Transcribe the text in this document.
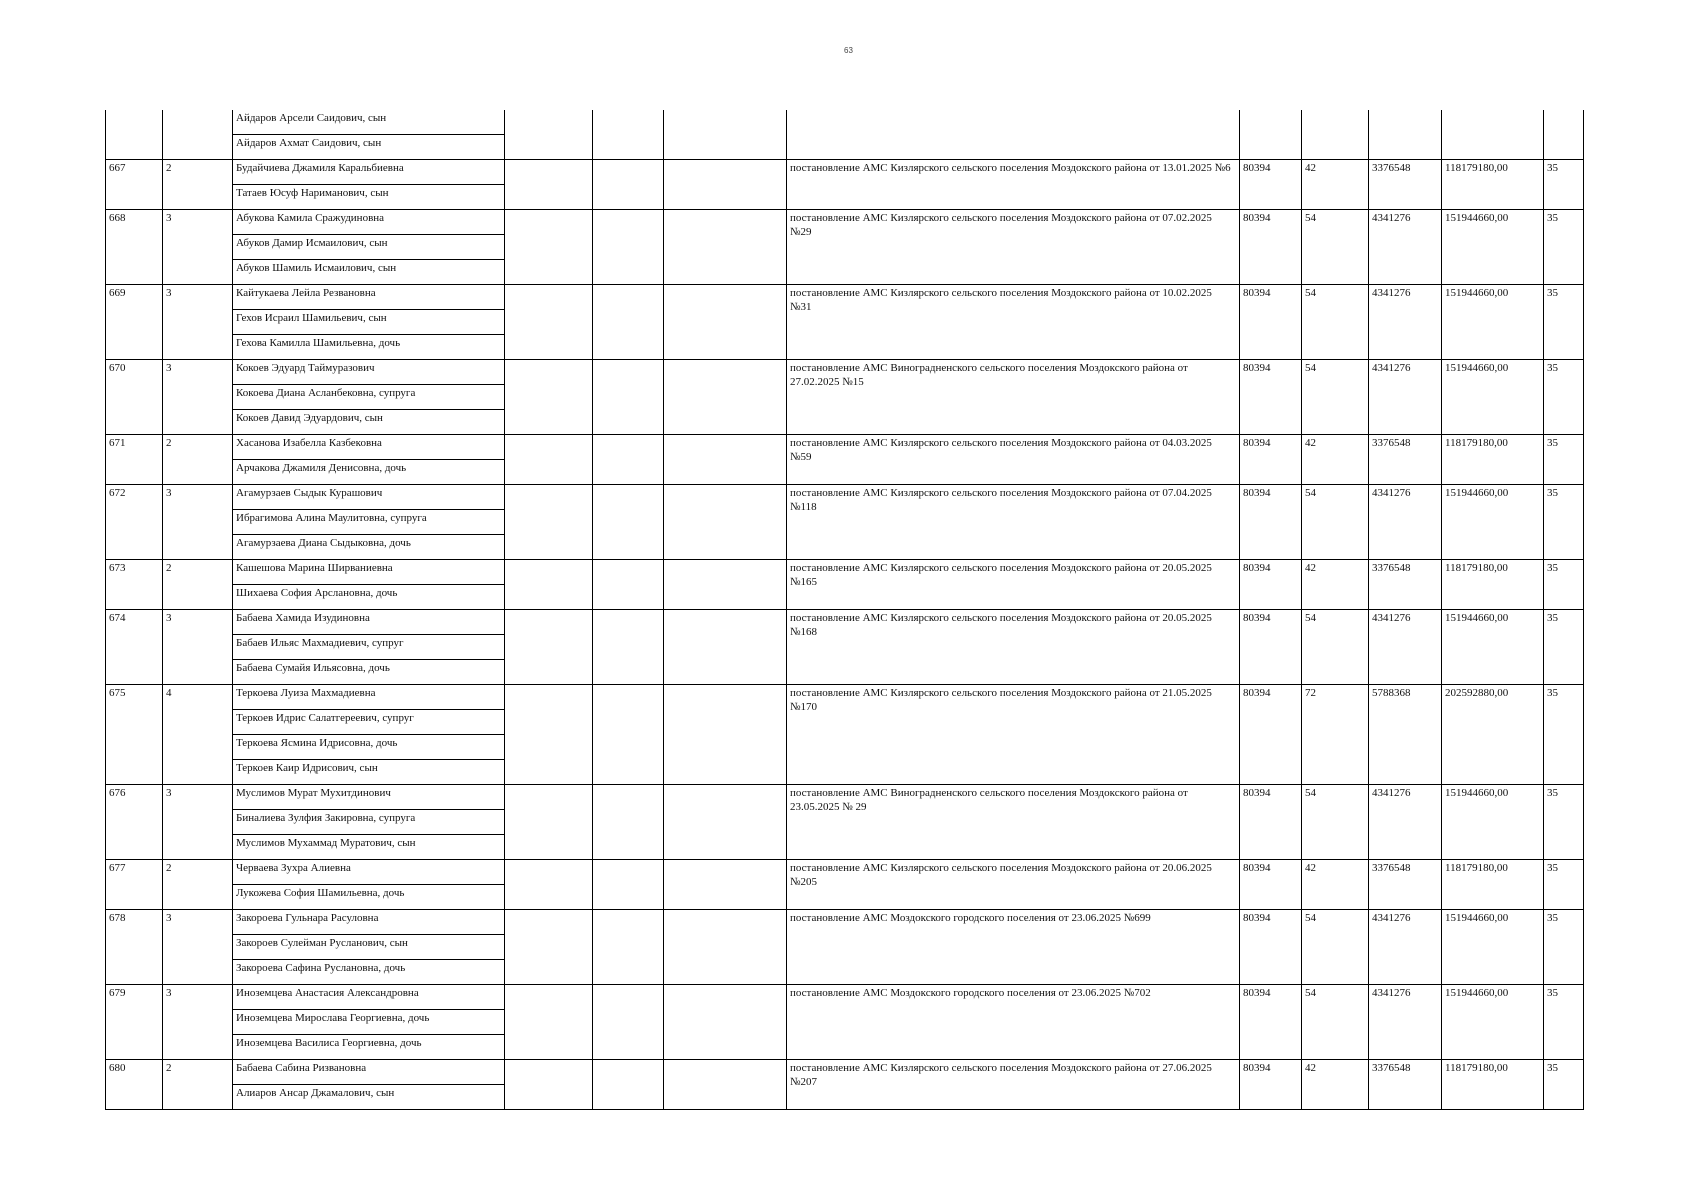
63
		Айдаров Арсели Саидович, сын									
		Айдаров Ахмат Саидович, сын									
667	2	Будайчиева Джамиля Каральбиевна				постановление АМС Кизлярского сельского поселения Моздокского района от 13.01.2025 №6	80394	42	3376548	118179180,00	35
		Татаев Юсуф Нариманович, сын									
668	3	Абукова Камила Сражудиновна				постановление АМС Кизлярского сельского поселения Моздокского района от 07.02.2025 №29	80394	54	4341276	151944660,00	35
		Абуков Дамир Исмаилович, сын									
		Абуков Шамиль Исмаилович, сын									
669	3	Кайтукаева Лейла Резвановна				постановление АМС Кизлярского сельского поселения Моздокского района от 10.02.2025 №31	80394	54	4341276	151944660,00	35
		Гехов Исраил Шамильевич, сын									
		Гехова Камилла Шамильевна, дочь									
670	3	Кокоев Эдуард Таймуразович				постановление АМС Виноградненского сельского поселения Моздокского района от 27.02.2025 №15	80394	54	4341276	151944660,00	35
		Кокоева Диана Асланбековна, супруга									
		Кокоев Давид Эдуардович, сын									
671	2	Хасанова Изабелла Казбековна				постановление АМС Кизлярского сельского поселения Моздокского района от 04.03.2025 №59	80394	42	3376548	118179180,00	35
		Арчакова Джамиля Денисовна, дочь									
672	3	Агамурзаев Сыдык Курашович				постановление АМС Кизлярского сельского поселения Моздокского района от 07.04.2025 №118	80394	54	4341276	151944660,00	35
		Ибрагимова Алина Маулитовна, супруга									
		Агамурзаева Диана Сыдыковна, дочь									
673	2	Кашешова Марина Ширваниевна				постановление АМС Кизлярского сельского поселения Моздокского района от 20.05.2025 №165	80394	42	3376548	118179180,00	35
		Шихаева София Арслановна, дочь									
674	3	Бабаева Хамида Изудиновна				постановление АМС Кизлярского сельского поселения Моздокского района от 20.05.2025 №168	80394	54	4341276	151944660,00	35
		Бабаев Ильяс Махмадиевич, супруг									
		Бабаева Сумайя Ильясовна, дочь									
675	4	Теркоева Луиза Махмадиевна				постановление АМС Кизлярского сельского поселения Моздокского района от 21.05.2025 №170	80394	72	5788368	202592880,00	35
		Теркоев Идрис Салатгереевич, супруг									
		Теркоева Ясмина Идрисовна, дочь									
		Теркоев Каир Идрисович, сын									
676	3	Муслимов Мурат Мухитдинович				постановление АМС Виноградненского сельского поселения Моздокского района от 23.05.2025 № 29	80394	54	4341276	151944660,00	35
		Биналиева Зулфия Закировна, супруга									
		Муслимов Мухаммад Муратович, сын									
677	2	Черваева Зухра Алиевна				постановление АМС Кизлярского сельского поселения Моздокского района от 20.06.2025 №205	80394	42	3376548	118179180,00	35
		Лукожева София Шамильевна, дочь									
678	3	Закороева Гульнара Расуловна				постановление АМС Моздокского городского поселения от 23.06.2025 №699	80394	54	4341276	151944660,00	35
		Закороев Сулейман Русланович, сын									
		Закороева Сафина Руслановна, дочь									
679	3	Иноземцева Анастасия Александровна				постановление АМС Моздокского городского поселения от 23.06.2025 №702	80394	54	4341276	151944660,00	35
		Иноземцева Мирослава Георгиевна, дочь									
		Иноземцева Василиса Георгиевна, дочь									
680	2	Бабаева Сабина Ризвановна				постановление АМС Кизлярского сельского поселения Моздокского района от 27.06.2025 №207	80394	42	3376548	118179180,00	35
		Алиаров Ансар Джамалович, сын									
